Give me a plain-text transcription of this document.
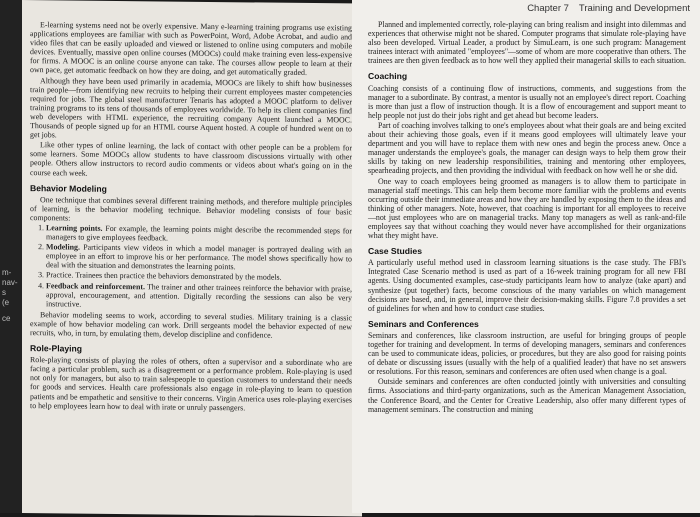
m-
nav-
s
(e
ce

E-learning systems need not be overly expensive. Many e-learning training programs use existing applications employees are familiar with such as PowerPoint, Word, Adobe Acrobat, and audio and video files that can be easily uploaded and viewed or listened to online using computers and mobile devices. Eventually, massive open online courses (MOOCs) could make training even less-expensive for firms. A MOOC is an online course anyone can take. The courses allow people to learn at their own pace, get automatic feedback on how they are doing, and get automatically graded.

Although they have been used primarily in academia, MOOCs are likely to shift how businesses train people—from identifying new recruits to helping their current employees master competencies required for jobs. The global steel manufacturer Tenaris has adopted a MOOC platform to deliver training programs to its tens of thousands of employees worldwide. To help its client companies find web developers with HTML experience, the recruiting company Aquent launched a MOOC. Thousands of people signed up for an HTML course Aquent hosted. A couple of hundred went on to get jobs.

Like other types of online learning, the lack of contact with other people can be a problem for some learners. Some MOOCs allow students to have classroom discussions virtually with other people. Others allow instructors to record audio comments or videos about what's going on in the course each week.

Behavior Modeling

One technique that combines several different training methods, and therefore multiple principles of learning, is the behavior modeling technique. Behavior modeling consists of four basic components:

1. Learning points. For example, the learning points might describe the recommended steps for managers to give employees feedback.
2. Modeling. Participants view videos in which a model manager is portrayed dealing with an employee in an effort to improve his or her performance. The model shows specifically how to deal with the situation and demonstrates the learning points.
3. Practice. Trainees then practice the behaviors demonstrated by the models.
4. Feedback and reinforcement. The trainer and other trainees reinforce the behavior with praise, approval, encouragement, and attention. Digitally recording the sessions can also be very instructive.

Behavior modeling seems to work, according to several studies. Military training is a classic example of how behavior modeling can work. Drill sergeants model the behavior expected of new recruits, who, in turn, by emulating them, develop discipline and confidence.

Role-Playing

Role-playing consists of playing the roles of others, often a supervisor and a subordinate who are facing a particular problem, such as a disagreement or a performance problem. Role-playing is used not only for managers, but also to train salespeople to question customers to understand their needs for goods and services. Health care professionals also engage in role-playing to learn to question patients and be empathetic and sensitive to their concerns. Virgin America uses role-playing exercises to help employees learn how to deal with irate or unruly passengers.

Chapter 7 Training and Development

Planned and implemented correctly, role-playing can bring realism and insight into dilemmas and experiences that otherwise might not be shared. Computer programs that simulate role-playing have also been developed. Virtual Leader, a product by SimuLearn, is one such program: Management trainees interact with animated "employees"—some of whom are more cooperative than others. The trainees are then given feedback as to how well they applied their managerial skills to each situation.

Coaching

Coaching consists of a continuing flow of instructions, comments, and suggestions from the manager to a subordinate. By contrast, a mentor is usually not an employee's direct report. Coaching is more than just a flow of instruction though. It is a flow of encouragement and support meant to help people not just do their jobs right and get ahead but become leaders.

Part of coaching involves talking to one's employees about what their goals are and being excited about their achieving those goals, even if it means good employees will ultimately leave your department and you will have to replace them with new ones and begin the process anew. Once a manager understands the employee's goals, the manager can design ways to help them grow their skills by taking on new leadership responsibilities, training and mentoring other employees, spearheading projects, and then providing the individual with feedback on how well he or she did.

One way to coach employees being groomed as managers is to allow them to participate in managerial staff meetings. This can help them become more familiar with the problems and events occurring outside their immediate areas and how they are handled by exposing them to the ideas and thinking of other managers. Note, however, that coaching is important for all employees to receive—not just employees who are on managerial tracks. Many top managers as well as rank-and-file employees say that without coaching they would never have accomplished for their organizations what they might have.

Case Studies

A particularly useful method used in classroom learning situations is the case study. The FBI's Integrated Case Scenario method is used as part of a 16-week training program for all new FBI agents. Using documented examples, case-study participants learn how to analyze (take apart) and synthesize (put together) facts, become conscious of the many variables on which management decisions are based, and, in general, improve their decision-making skills. Figure 7.8 provides a set of guidelines for when and how to conduct case studies.

Seminars and Conferences

Seminars and conferences, like classroom instruction, are useful for bringing groups of people together for training and development. In terms of developing managers, seminars and conferences can be used to communicate ideas, policies, or procedures, but they are also good for raising points of debate or discussing issues (usually with the help of a qualified leader) that have no set answers or resolutions. For this reason, seminars and conferences are often used when change is a goal.

Outside seminars and conferences are often conducted jointly with universities and consulting firms. Associations and third-party organizations, such as the American Management Association, the Conference Board, and the Center for Creative Leadership, also offer many different types of management seminars. The construction and mining
